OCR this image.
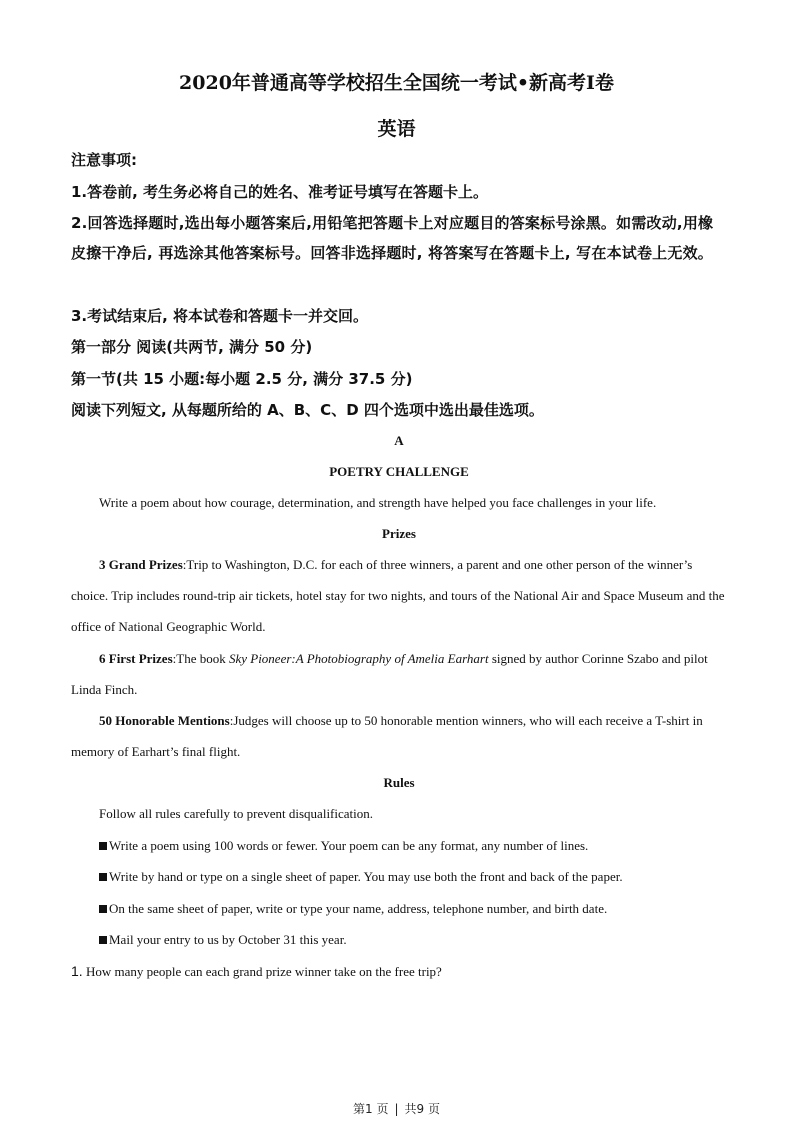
2020年普通高等学校招生全国统一考试•新高考Ⅰ卷
英语
注意事项:
1.答卷前, 考生务必将自己的姓名、准考证号填写在答题卡上。
2.回答选择题时,选出每小题答案后,用铅笔把答题卡上对应题目的答案标号涂黑。如需改动,用橡皮擦干净后, 再选涂其他答案标号。回答非选择题时, 将答案写在答题卡上, 写在本试卷上无效。
3.考试结束后, 将本试卷和答题卡一并交回。
第一部分 阅读(共两节, 满分 50 分)
第一节(共 15 小题:每小题 2.5 分, 满分 37.5 分)
阅读下列短文, 从每题所给的 A、B、C、D 四个选项中选出最佳选项。
A
POETRY CHALLENGE
Write a poem about how courage, determination, and strength have helped you face challenges in your life.
Prizes
3 Grand Prizes:Trip to Washington, D.C. for each of three winners, a parent and one other person of the winner’s choice. Trip includes round-trip air tickets, hotel stay for two nights, and tours of the National Air and Space Museum and the office of National Geographic World.
6 First Prizes:The book Sky Pioneer:A Photobiography of Amelia Earhart signed by author Corinne Szabo and pilot Linda Finch.
50 Honorable Mentions:Judges will choose up to 50 honorable mention winners, who will each receive a T-shirt in memory of Earhart’s final flight.
Rules
Follow all rules carefully to prevent disqualification.
Write a poem using 100 words or fewer. Your poem can be any format, any number of lines.
Write by hand or type on a single sheet of paper. You may use both the front and back of the paper.
On the same sheet of paper, write or type your name, address, telephone number, and birth date.
Mail your entry to us by October 31 this year.
1. How many people can each grand prize winner take on the free trip?
第1 页 | 共9 页
